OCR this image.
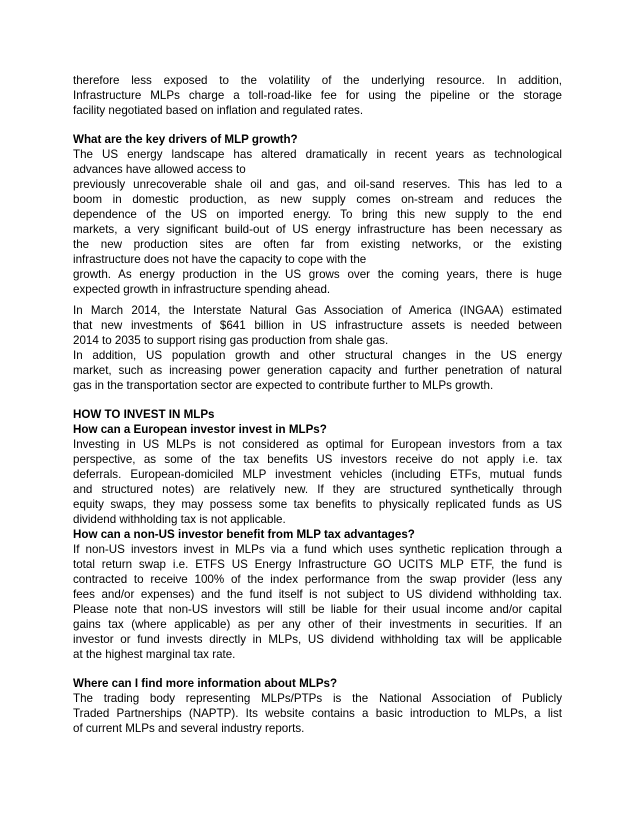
therefore less exposed to the volatility of the underlying resource. In addition,
Infrastructure MLPs charge a toll-road-like fee for using the pipeline or the storage
facility negotiated based on inflation and regulated rates.
What are the key drivers of MLP growth?
The US energy landscape has altered dramatically in recent years as technological
advances have allowed access to
previously unrecoverable shale oil and gas, and oil-sand reserves. This has led to a
boom in domestic production, as new supply comes on-stream and reduces the
dependence of the US on imported energy. To bring this new supply to the end
markets, a very significant build-out of US energy infrastructure has been necessary as
the new production sites are often far from existing networks, or the existing
infrastructure does not have the capacity to cope with the
growth. As energy production in the US grows over the coming years, there is huge
expected growth in infrastructure spending ahead.
In March 2014, the Interstate Natural Gas Association of America (INGAA) estimated
that new investments of $641 billion in US infrastructure assets is needed between
2014 to 2035 to support rising gas production from shale gas.
In addition, US population growth and other structural changes in the US energy
market, such as increasing power generation capacity and further penetration of natural
gas in the transportation sector are expected to contribute further to MLPs growth.
HOW TO INVEST IN MLPs
How can a European investor invest in MLPs?
Investing in US MLPs is not considered as optimal for European investors from a tax
perspective, as some of the tax benefits US investors receive do not apply i.e. tax
deferrals. European-domiciled MLP investment vehicles (including ETFs, mutual funds
and structured notes) are relatively new. If they are structured synthetically through
equity swaps, they may possess some tax benefits to physically replicated funds as US
dividend withholding tax is not applicable.
How can a non-US investor benefit from MLP tax advantages?
If non-US investors invest in MLPs via a fund which uses synthetic replication through a
total return swap i.e. ETFS US Energy Infrastructure GO UCITS MLP ETF, the fund is
contracted to receive 100% of the index performance from the swap provider (less any
fees and/or expenses) and the fund itself is not subject to US dividend withholding tax.
Please note that non-US investors will still be liable for their usual income and/or capital
gains tax (where applicable) as per any other of their investments in securities. If an
investor or fund invests directly in MLPs, US dividend withholding tax will be applicable
at the highest marginal tax rate.
Where can I find more information about MLPs?
The trading body representing MLPs/PTPs is the National Association of Publicly
Traded Partnerships (NAPTP). Its website contains a basic introduction to MLPs, a list
of current MLPs and several industry reports.
